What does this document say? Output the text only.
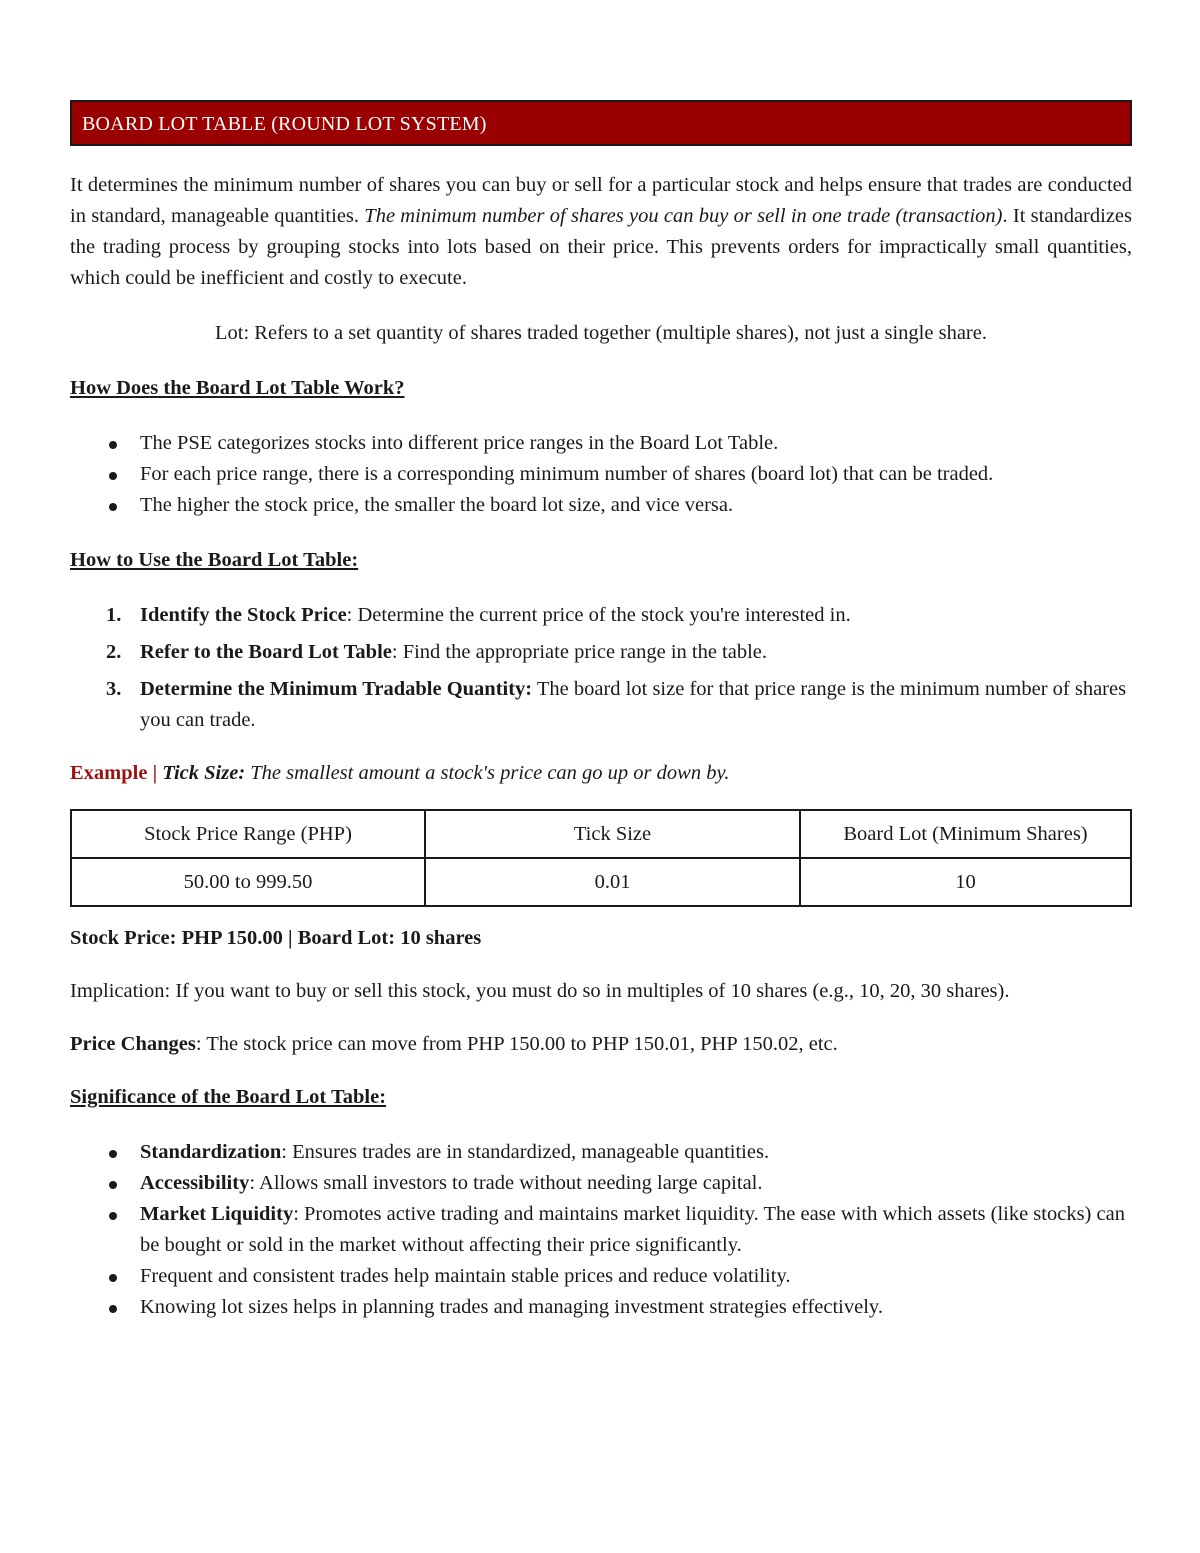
BOARD LOT TABLE (ROUND LOT SYSTEM)

It determines the minimum number of shares you can buy or sell for a particular stock and helps ensure that trades are conducted in standard, manageable quantities. The minimum number of shares you can buy or sell in one trade (transaction). It standardizes the trading process by grouping stocks into lots based on their price. This prevents orders for impractically small quantities, which could be inefficient and costly to execute.

Lot: Refers to a set quantity of shares traded together (multiple shares), not just a single share.

How Does the Board Lot Table Work?
The PSE categorizes stocks into different price ranges in the Board Lot Table.
For each price range, there is a corresponding minimum number of shares (board lot) that can be traded.
The higher the stock price, the smaller the board lot size, and vice versa.
How to Use the Board Lot Table:
1. Identify the Stock Price: Determine the current price of the stock you're interested in.
2. Refer to the Board Lot Table: Find the appropriate price range in the table.
3. Determine the Minimum Tradable Quantity: The board lot size for that price range is the minimum number of shares you can trade.

Example | Tick Size: The smallest amount a stock's price can go up or down by.

Stock Price Range (PHP)	Tick Size	Board Lot (Minimum Shares)
50.00 to 999.50	0.01	10

Stock Price: PHP 150.00 | Board Lot: 10 shares

Implication: If you want to buy or sell this stock, you must do so in multiples of 10 shares (e.g., 10, 20, 30 shares).

Price Changes: The stock price can move from PHP 150.00 to PHP 150.01, PHP 150.02, etc.

Significance of the Board Lot Table:
Standardization: Ensures trades are in standardized, manageable quantities.
Accessibility: Allows small investors to trade without needing large capital.
Market Liquidity: Promotes active trading and maintains market liquidity. The ease with which assets (like stocks) can be bought or sold in the market without affecting their price significantly.
Frequent and consistent trades help maintain stable prices and reduce volatility.
Knowing lot sizes helps in planning trades and managing investment strategies effectively.
